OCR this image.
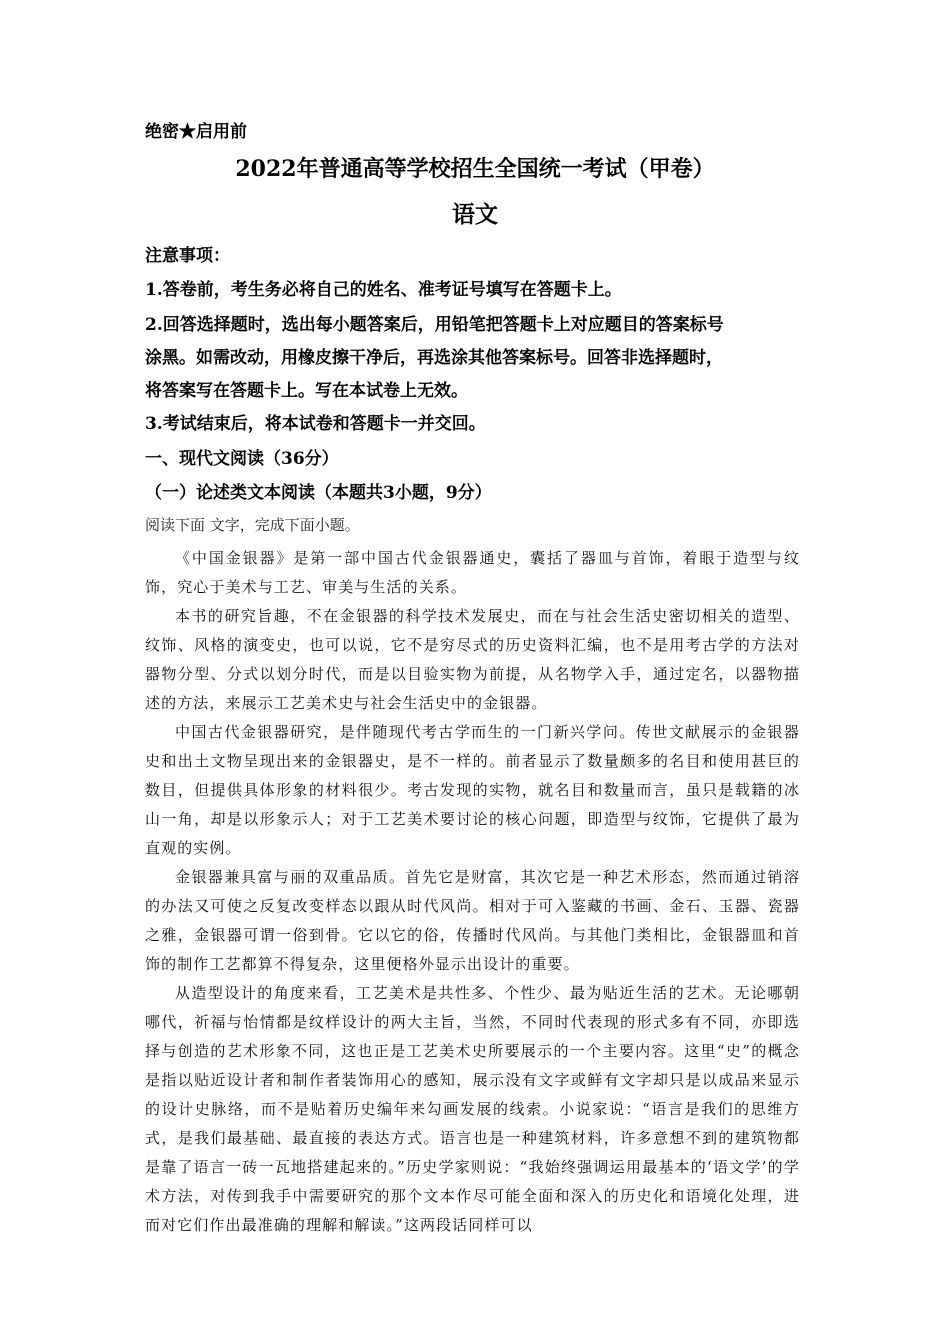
绝密★启用前
2022年普通高等学校招生全国统一考试（甲卷）
语文
注意事项：
1.答卷前，考生务必将自己的姓名、准考证号填写在答题卡上。
2.回答选择题时，选出每小题答案后，用铅笔把答题卡上对应题目的答案标号
涂黑。如需改动，用橡皮擦干净后，再选涂其他答案标号。回答非选择题时，
将答案写在答题卡上。写在本试卷上无效。
3.考试结束后，将本试卷和答题卡一并交回。
一、现代文阅读（36分）
（一）论述类文本阅读（本题共3小题，9分）
阅读下面 文字，完成下面小题。

《中国金银器》是第一部中国古代金银器通史，囊括了器皿与首饰，着眼于造型与纹饰，究心于美术与工艺、审美与生活的关系。

本书的研究旨趣，不在金银器的科学技术发展史，而在与社会生活史密切相关的造型、纹饰、风格的演变史，也可以说，它不是穷尽式的历史资料汇编，也不是用考古学的方法对器物分型、分式以划分时代，而是以目验实物为前提，从名物学入手，通过定名，以器物描述的方法，来展示工艺美术史与社会生活史中的金银器。

中国古代金银器研究，是伴随现代考古学而生的一门新兴学问。传世文献展示的金银器史和出土文物呈现出来的金银器史，是不一样的。前者显示了数量颇多的名目和使用甚巨的数目，但提供具体形象的材料很少。考古发现的实物，就名目和数量而言，虽只是载籍的冰山一角，却是以形象示人；对于工艺美术要讨论的核心问题，即造型与纹饰，它提供了最为直观的实例。

金银器兼具富与丽的双重品质。首先它是财富，其次它是一种艺术形态，然而通过销溶的办法又可使之反复改变样态以跟从时代风尚。相对于可入鉴藏的书画、金石、玉器、瓷器之雅，金银器可谓一俗到骨。它以它的俗，传播时代风尚。与其他门类相比，金银器皿和首饰的制作工艺都算不得复杂，这里便格外显示出设计的重要。

从造型设计的角度来看，工艺美术是共性多、个性少、最为贴近生活的艺术。无论哪朝哪代，祈福与怡情都是纹样设计的两大主旨，当然，不同时代表现的形式多有不同，亦即选择与创造的艺术形象不同，这也正是工艺美术史所要展示的一个主要内容。这里“史”的概念是指以贴近设计者和制作者装饰用心的感知，展示没有文字或鲜有文字却只是以成品来显示的设计史脉络，而不是贴着历史编年来勾画发展的线索。小说家说：“语言是我们的思维方式，是我们最基础、最直接的表达方式。语言也是一种建筑材料，许多意想不到的建筑物都是靠了语言一砖一瓦地搭建起来的。”历史学家则说：“我始终强调运用最基本的‘语文学’的学术方法，对传到我手中需要研究的那个文本作尽可能全面和深入的历史化和语境化处理，进而对它们作出最准确的理解和解读。”这两段话同样可以
